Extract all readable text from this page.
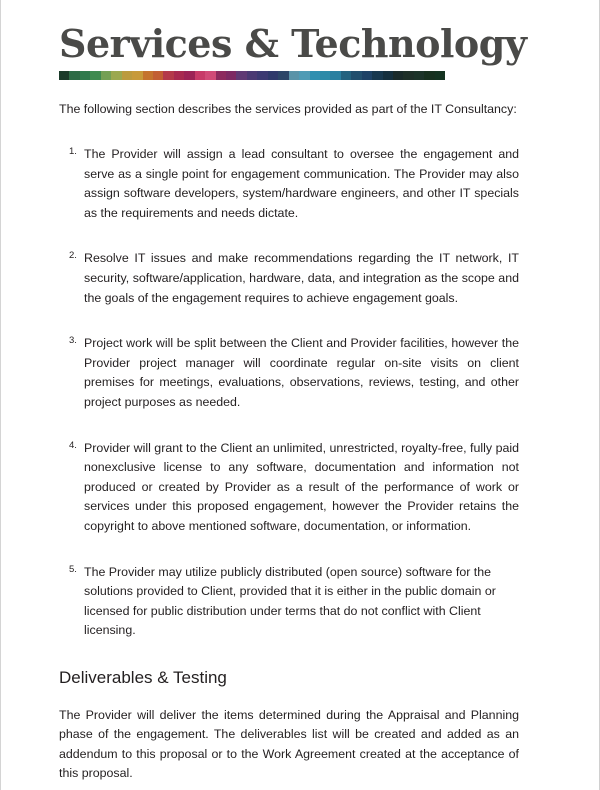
Services & Technology

The following section describes the services provided as part of the IT Consultancy:

1. The Provider will assign a lead consultant to oversee the engagement and serve as a single point for engagement communication. The Provider may also assign software developers, system/hardware engineers, and other IT specials as the requirements and needs dictate.
2. Resolve IT issues and make recommendations regarding the IT network, IT security, software/application, hardware, data, and integration as the scope and the goals of the engagement requires to achieve engagement goals.
3. Project work will be split between the Client and Provider facilities, however the Provider project manager will coordinate regular on-site visits on client premises for meetings, evaluations, observations, reviews, testing, and other project purposes as needed.
4. Provider will grant to the Client an unlimited, unrestricted, royalty-free, fully paid nonexclusive license to any software, documentation and information not produced or created by Provider as a result of the performance of work or services under this proposed engagement, however the Provider retains the copyright to above mentioned software, documentation, or information.
5. The Provider may utilize publicly distributed (open source) software for the solutions provided to Client, provided that it is either in the public domain or licensed for public distribution under terms that do not conflict with Client licensing.
Deliverables & Testing

The Provider will deliver the items determined during the Appraisal and Planning phase of the engagement. The deliverables list will be created and added as an addendum to this proposal or to the Work Agreement created at the acceptance of this proposal.
